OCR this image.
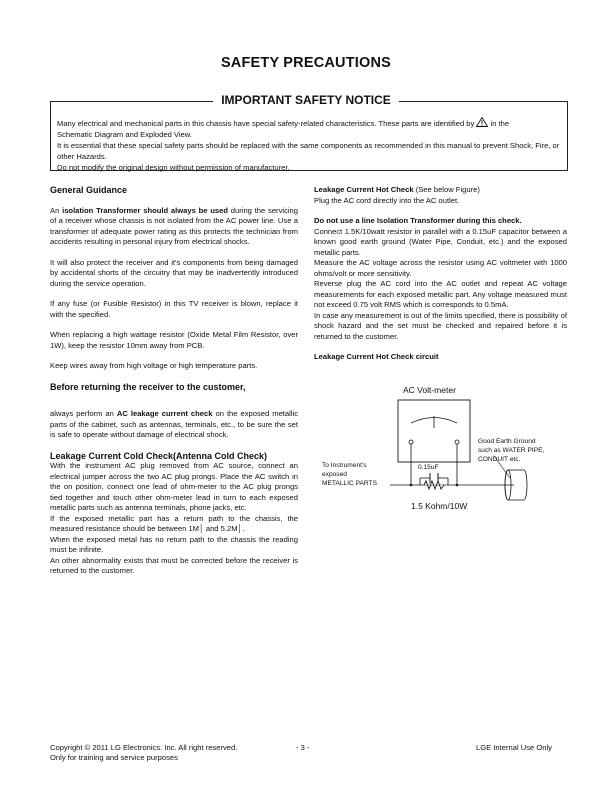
SAFETY PRECAUTIONS
IMPORTANT SAFETY NOTICE

Many electrical and mechanical parts in this chassis have special safety-related characteristics. These parts are identified by in the

Schematic Diagram and Exploded View.

It is essential that these special safety parts should be replaced with the same components as recommended in this manual to prevent Shock, Fire, or other Hazards.

Do not modify the original design without permission of manufacturer.

General Guidance

An isolation Transformer should always be used during the servicing of a receiver whose chassis is not isolated from the AC power line. Use a transformer of adequate power rating as this protects the technician from accidents resulting in personal injury from electrical shocks.

It will also protect the receiver and it's components from being damaged by accidental shorts of the circuitry that may be inadvertently introduced during the service operation.

If any fuse (or Fusible Resistor) in this TV receiver is blown, replace it with the specified.

When replacing a high wattage resistor (Oxide Metal Film Resistor, over 1W), keep the resistor 10mm away from PCB.

Keep wires away from high voltage or high temperature parts.

Before returning the receiver to the customer,

always perform an AC leakage current check on the exposed metallic parts of the cabinet, such as antennas, terminals, etc., to be sure the set is safe to operate without damage of electrical shock.

Leakage Current Cold Check(Antenna Cold Check)

With the instrument AC plug removed from AC source, connect an electrical jumper across the two AC plug prongs. Place the AC switch in the on position, connect one lead of ohm-meter to the AC plug prongs tied together and touch other ohm-meter lead in turn to each exposed metallic parts such as antenna terminals, phone jacks, etc.

If the exposed metallic part has a return path to the chassis, the measured resistance should be between 1M│ and 5.2M│.

When the exposed metal has no return path to the chassis the reading must be infinite.

An other abnormality exists that must be corrected before the receiver is returned to the customer.

Leakage Current Hot Check (See below Figure)

Plug the AC cord directly into the AC outlet.

Do not use a line Isolation Transformer during this check.

Connect 1.5K/10watt resistor in parallel with a 0.15uF capacitor between a known good earth ground (Water Pipe, Conduit, etc.) and the exposed metallic parts.

Measure the AC voltage across the resistor using AC voltmeter with 1000 ohms/volt or more sensitivity.

Reverse plug the AC cord into the AC outlet and repeat AC voltage measurements for each exposed metallic part. Any voltage measured must not exceed 0.75 volt RMS which is corresponds to 0.5mA.

In case any measurement is out of the limits specified, there is possibility of shock hazard and the set must be checked and repaired before it is returned to the customer.

Leakage Current Hot Check circuit

AC Volt-meter
To Instrument's
exposed
METALLIC PARTS
0.15uF
1.5 Kohm/10W
Good Earth Ground
such as WATER PIPE,
CONDUIT etc.
Copyright © 2011 LG Electronics. Inc. All right reserved.
Only for training and service purposes
- 3 -	LGE Internal Use Only
